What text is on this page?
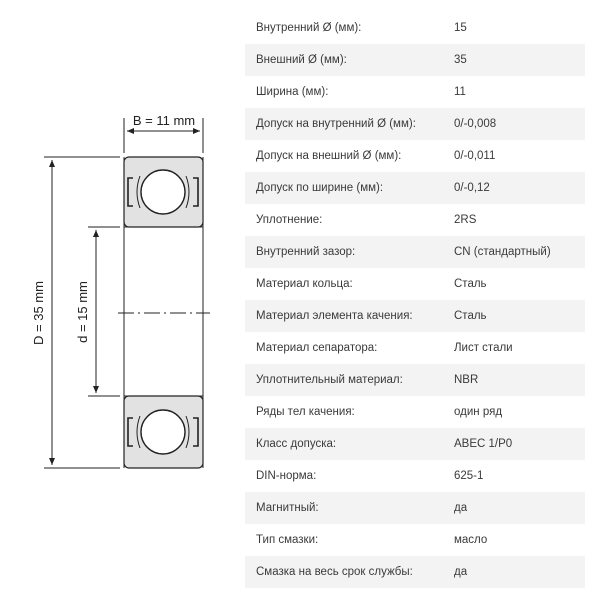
B = 11 mm
D = 35 mm d = 15 mm
Внутренний Ø (мм):	15
Внешний Ø (мм):	35
Ширина (мм):	11
Допуск на внутренний Ø (мм):	0/-0,008
Допуск на внешний Ø (мм):	0/-0,011
Допуск по ширине (мм):	0/-0,12
Уплотнение:	2RS
Внутренний зазор:	CN (стандартный)
Материал кольца:	Сталь
Материал элемента качения:	Сталь
Материал сепаратора:	Лист стали
Уплотнительный материал:	NBR
Ряды тел качения:	один ряд
Класс допуска:	ABEC 1/P0
DIN-норма:	625-1
Магнитный:	да
Тип смазки:	масло
Смазка на весь срок службы:	да
